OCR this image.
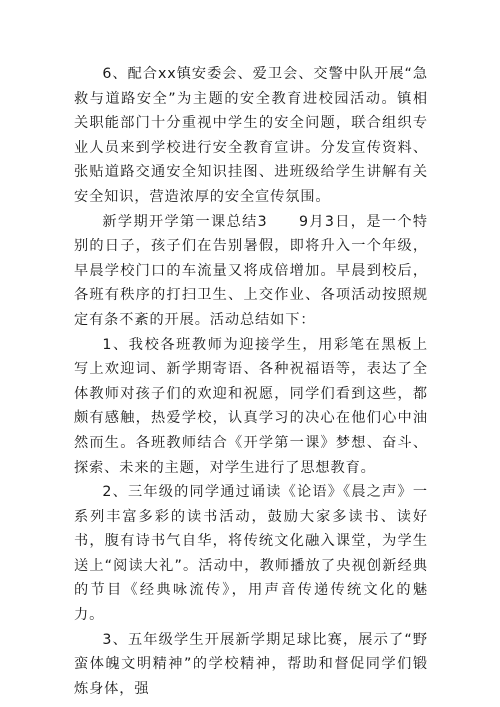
6、配合xx镇安委会、爱卫会、交警中队开展“急救与道路安全”为主题的安全教育进校园活动。镇相关职能部门十分重视中学生的安全问题，联合组织专业人员来到学校进行安全教育宣讲。分发宣传资料、张贴道路交通安全知识挂图、进班级给学生讲解有关安全知识，营造浓厚的安全宣传氛围。

新学期开学第一课总结3　　9月3日，是一个特别的日子，孩子们在告别暑假，即将升入一个年级，早晨学校门口的车流量又将成倍增加。早晨到校后，各班有秩序的打扫卫生、上交作业、各项活动按照规定有条不紊的开展。活动总结如下：

1、我校各班教师为迎接学生，用彩笔在黑板上写上欢迎词、新学期寄语、各种祝福语等，表达了全体教师对孩子们的欢迎和祝愿，同学们看到这些，都颇有感触，热爱学校，认真学习的决心在他们心中油然而生。各班教师结合《开学第一课》梦想、奋斗、探索、未来的主题，对学生进行了思想教育。

2、三年级的同学通过诵读《论语》《晨之声》一系列丰富多彩的读书活动，鼓励大家多读书、读好书，腹有诗书气自华，将传统文化融入课堂，为学生送上“阅读大礼”。活动中，教师播放了央视创新经典的节目《经典咏流传》，用声音传递传统文化的魅力。

3、五年级学生开展新学期足球比赛，展示了“野蛮体魄文明精神”的学校精神，帮助和督促同学们锻炼身体，强
